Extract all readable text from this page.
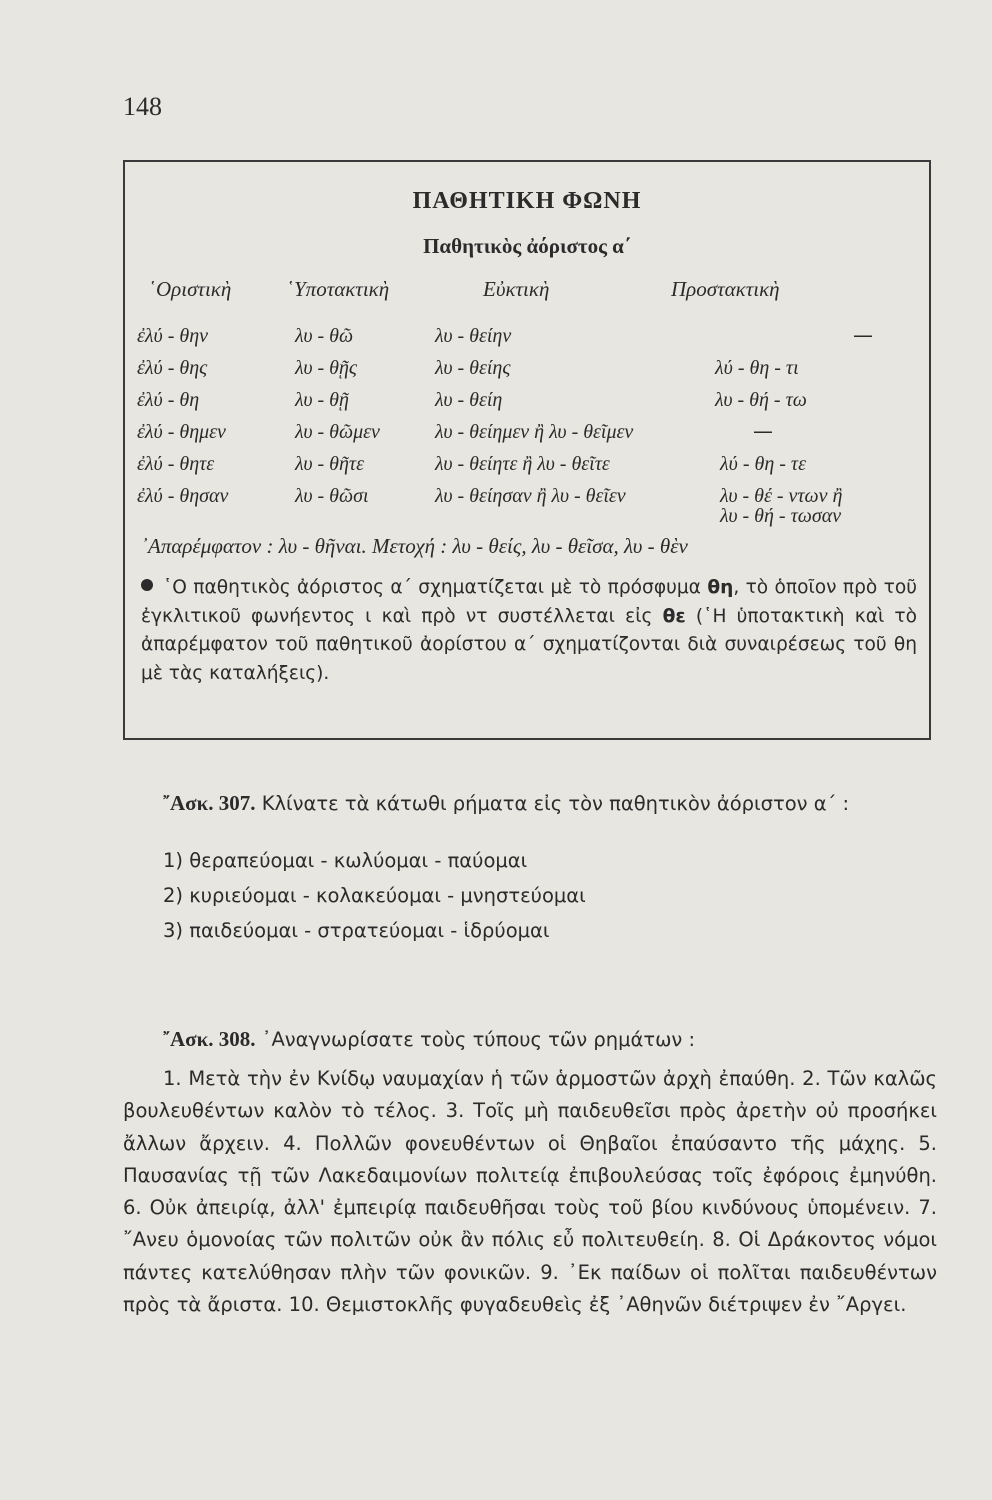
148
ΠΑΘΗΤΙΚΗ ΦΩΝΗ
Παθητικὸς ἀόριστος α΄
῾Οριστικὴ	῾Υποτακτικὴ	Εὐκτικὴ	Προστακτικὴ
ἐλύ - θην	λυ - θῶ	λυ - θείην	—
ἐλύ - θης	λυ - θῇς	λυ - θείης	λύ - θη - τι
ἐλύ - θη	λυ - θῇ	λυ - θείη	λυ - θή - τω
ἐλύ - θημεν	λυ - θῶμεν	λυ - θείημεν ἢ λυ - θεῖμεν	—
ἐλύ - θητε	λυ - θῆτε	λυ - θείητε ἢ λυ - θεῖτε	λύ - θη - τε
ἐλύ - θησαν	λυ - θῶσι	λυ - θείησαν ἢ λυ - θεῖεν	λυ - θέ - ντων ἢ
λυ - θή - τωσαν
᾿Απαρέμφατον : λυ - θῆναι. Μετοχή : λυ - θείς, λυ - θεῖσα, λυ - θὲν
῾Ο παθητικὸς ἀόριστος α΄ σχηματίζεται μὲ τὸ πρόσφυμα θη, τὸ ὁποῖον πρὸ τοῦ ἐγκλιτικοῦ φωνήεντος ι καὶ πρὸ ντ συστέλλεται εἰς θε (῾Η ὑποτακτικὴ καὶ τὸ ἀπαρέμφατον τοῦ παθητικοῦ ἀορίστου α΄ σχηματίζονται διὰ συναιρέσεως τοῦ θη μὲ τὰς καταλήξεις).
῎Ασκ. 307. Κλίνατε τὰ κάτωθι ρήματα εἰς τὸν παθητικὸν ἀόριστον α΄ :
1) θεραπεύομαι - κωλύομαι - παύομαι
2) κυριεύομαι - κολακεύομαι - μνηστεύομαι
3) παιδεύομαι - στρατεύομαι - ἱδρύομαι
῎Ασκ. 308. ᾿Αναγνωρίσατε τοὺς τύπους τῶν ρημάτων :
1. Μετὰ τὴν ἐν Κνίδῳ ναυμαχίαν ἡ τῶν ἁρμοστῶν ἀρχὴ ἐπαύθη. 2. Τῶν καλῶς βουλευθέντων καλὸν τὸ τέλος. 3. Τοῖς μὴ παιδευθεῖσι πρὸς ἀρετὴν οὐ προσήκει ἄλλων ἄρχειν. 4. Πολλῶν φονευθέντων οἱ Θηβαῖοι ἐπαύσαντο τῆς μάχης. 5. Παυσανίας τῇ τῶν Λακεδαιμονίων πολιτείᾳ ἐπιβουλεύσας τοῖς ἐφόροις ἐμηνύθη. 6. Οὐκ ἀπειρίᾳ, ἀλλ' ἐμπειρίᾳ παιδευθῆσαι τοὺς τοῦ βίου κινδύνους ὑπομένειν. 7. ῎Ανευ ὁμονοίας τῶν πολιτῶν οὐκ ἂν πόλις εὖ πολιτευθείη. 8. Οἱ Δράκοντος νόμοι πάντες κατελύθησαν πλὴν τῶν φονικῶν. 9. ᾿Εκ παίδων οἱ πολῖται παιδευθέντων πρὸς τὰ ἄριστα. 10. Θεμιστοκλῆς φυγαδευθεὶς ἐξ ᾿Αθηνῶν διέτριψεν ἐν ῎Αργει.
